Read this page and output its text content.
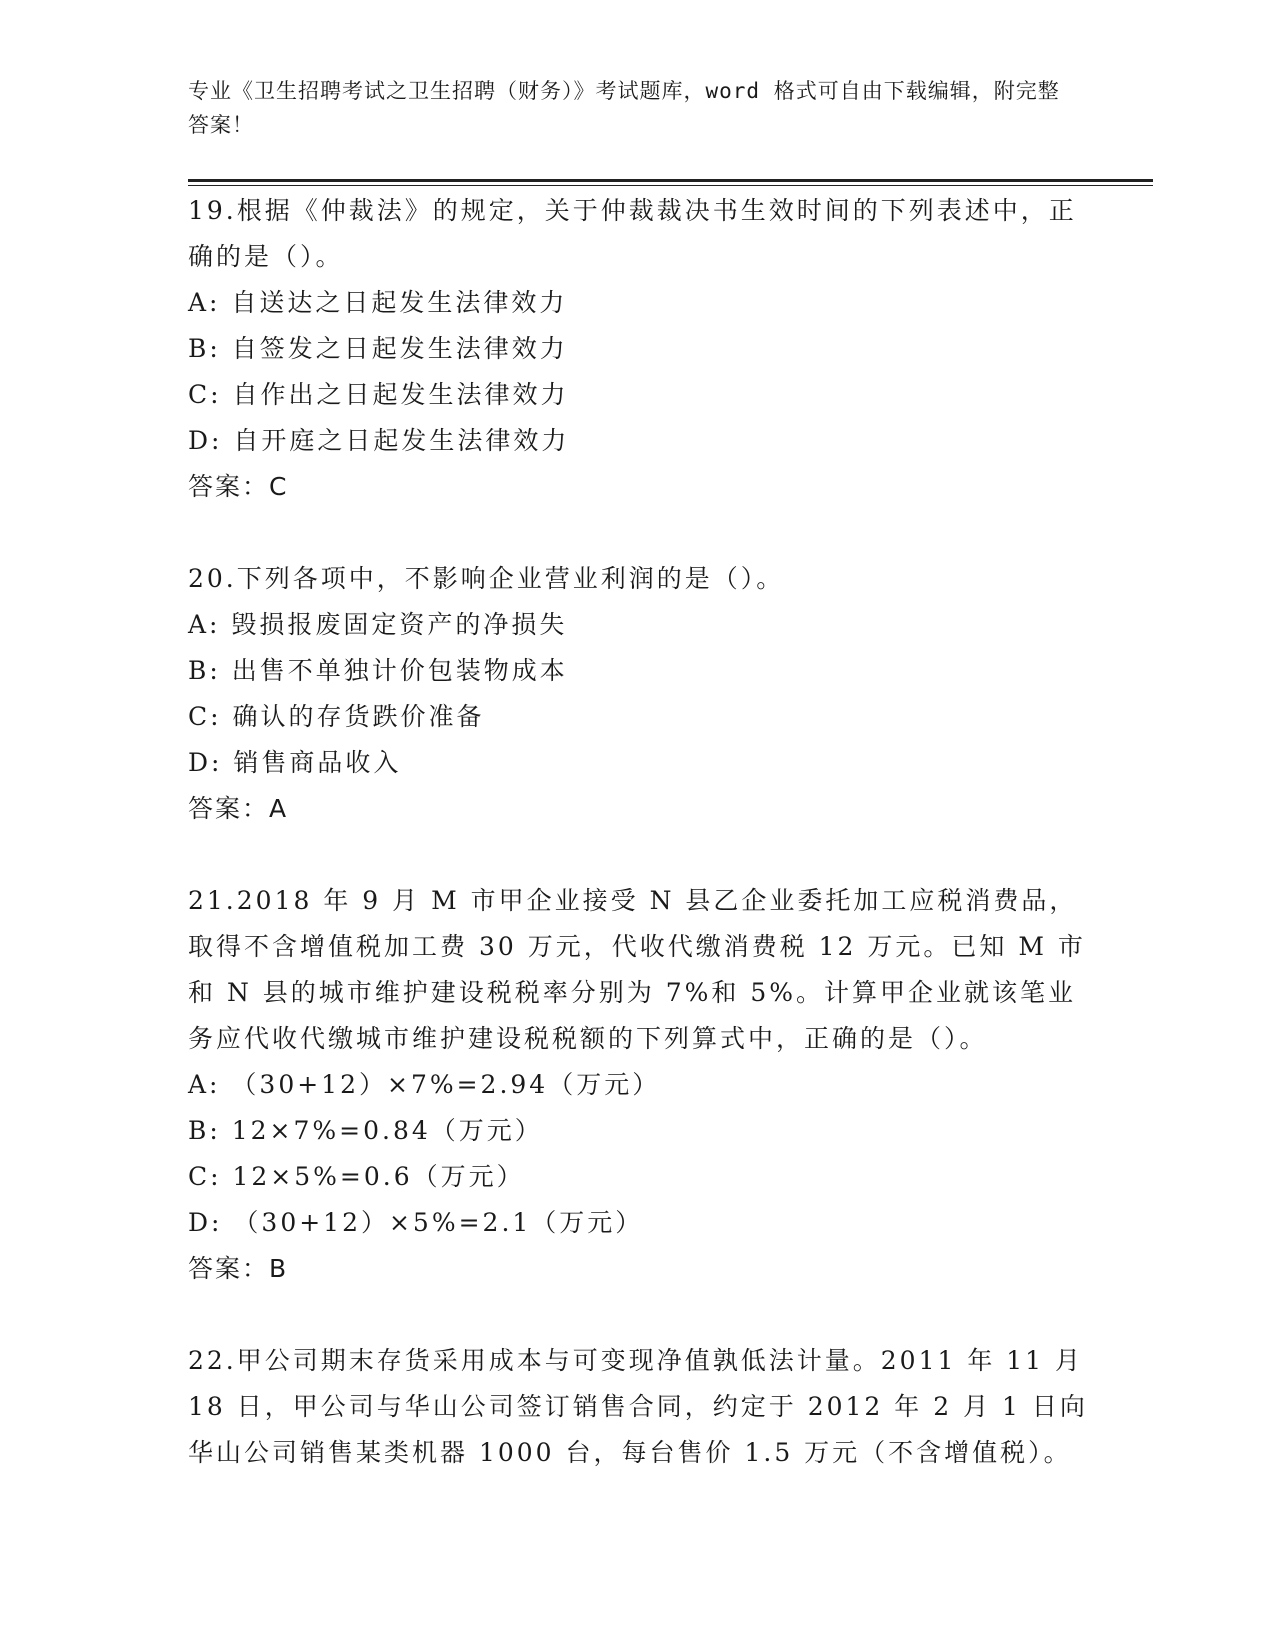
专业《卫生招聘考试之卫生招聘（财务）》考试题库，word 格式可自由下载编辑，附完整答案！

19.根据《仲裁法》的规定，关于仲裁裁决书生效时间的下列表述中，正确的是（）。

A: 自送达之日起发生法律效力

B: 自签发之日起发生法律效力

C: 自作出之日起发生法律效力

D: 自开庭之日起发生法律效力

答案：C

20.下列各项中，不影响企业营业利润的是（）。

A: 毁损报废固定资产的净损失

B: 出售不单独计价包装物成本

C: 确认的存货跌价准备

D: 销售商品收入

答案：A

21.2018 年 9 月 M 市甲企业接受 N 县乙企业委托加工应税消费品，取得不含增值税加工费 30 万元，代收代缴消费税 12 万元。已知 M 市和 N 县的城市维护建设税税率分别为 7%和 5%。计算甲企业就该笔业务应代收代缴城市维护建设税税额的下列算式中，正确的是（）。

A: （30+12）×7%=2.94（万元）

B: 12×7%=0.84（万元）

C: 12×5%=0.6（万元）

D: （30+12）×5%=2.1（万元）

答案：B

22.甲公司期末存货采用成本与可变现净值孰低法计量。2011 年 11 月 18 日，甲公司与华山公司签订销售合同，约定于 2012 年 2 月 1 日向华山公司销售某类机器 1000 台，每台售价 1.5 万元（不含增值税）。
